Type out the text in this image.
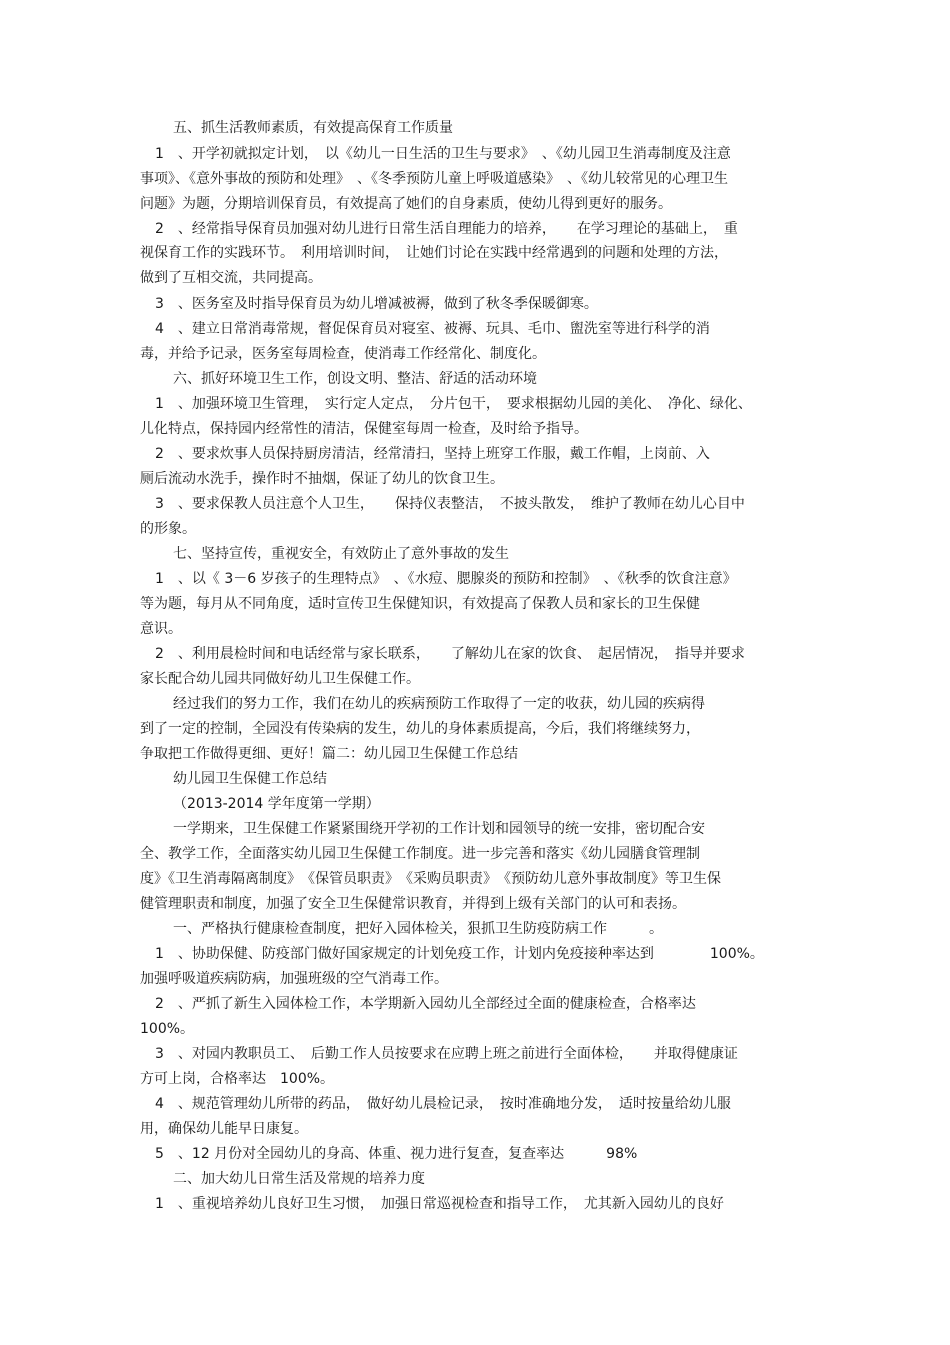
五、抓生活教师素质，有效提高保育工作质量
1　、开学初就拟定计划，　以《幼儿一日生活的卫生与要求》　、《幼儿园卫生消毒制度及注意
事项》、《意外事故的预防和处理》　、《冬季预防儿童上呼吸道感染》　、《幼儿较常见的心理卫生
问题》为题，分期培训保育员，有效提高了她们的自身素质，使幼儿得到更好的服务。
2　、经常指导保育员加强对幼儿进行日常生活自理能力的培养，　　在学习理论的基础上，　重
视保育工作的实践环节。　利用培训时间，　让她们讨论在实践中经常遇到的问题和处理的方法，
做到了互相交流，共同提高。
3　、医务室及时指导保育员为幼儿增减被褥，做到了秋冬季保暖御寒。
4　、建立日常消毒常规，督促保育员对寝室、被褥、玩具、毛巾、盥洗室等进行科学的消
毒，并给予记录，医务室每周检查，使消毒工作经常化、制度化。
六、抓好环境卫生工作，创设文明、整洁、舒适的活动环境
1　、加强环境卫生管理，　实行定人定点，　分片包干，　要求根据幼儿园的美化、　净化、绿化、
儿化特点，保持园内经常性的清洁，保健室每周一检查，及时给予指导。
2　、要求炊事人员保持厨房清洁，经常清扫，坚持上班穿工作服，戴工作帽，上岗前、入
厕后流动水洗手，操作时不抽烟，保证了幼儿的饮食卫生。
3　、要求保教人员注意个人卫生，　　保持仪表整洁，　不披头散发，　维护了教师在幼儿心目中
的形象。
七、坚持宣传，重视安全，有效防止了意外事故的发生
1　、以《 3－6 岁孩子的生理特点》　、《水痘、腮腺炎的预防和控制》　、《秋季的饮食注意》
等为题，每月从不同角度，适时宣传卫生保健知识，有效提高了保教人员和家长的卫生保健
意识。
2　、利用晨检时间和电话经常与家长联系，　　了解幼儿在家的饮食、　起居情况，　指导并要求
家长配合幼儿园共同做好幼儿卫生保健工作。
经过我们的努力工作，我们在幼儿的疾病预防工作取得了一定的收获，幼儿园的疾病得
到了一定的控制，全园没有传染病的发生，幼儿的身体素质提高，今后，我们将继续努力，
争取把工作做得更细、更好！篇二：幼儿园卫生保健工作总结
幼儿园卫生保健工作总结
（2013-2014 学年度第一学期）
一学期来，卫生保健工作紧紧围绕开学初的工作计划和园领导的统一安排，密切配合安
全、教学工作，全面落实幼儿园卫生保健工作制度。进一步完善和落实《幼儿园膳食管理制
度》《卫生消毒隔离制度》　《保管员职责》　《采购员职责》　《预防幼儿意外事故制度》等卫生保
健管理职责和制度，加强了安全卫生保健常识教育，并得到上级有关部门的认可和表扬。
一、严格执行健康检查制度，把好入园体检关，狠抓卫生防疫防病工作　　　。
1　、协助保健、防疫部门做好国家规定的计划免疫工作，计划内免疫接种率达到　　　　100%。
加强呼吸道疾病防病，加强班级的空气消毒工作。
2　、严抓了新生入园体检工作，本学期新入园幼儿全部经过全面的健康检查，合格率达
100%。
3　、对园内教职员工、　后勤工作人员按要求在应聘上班之前进行全面体检，　　并取得健康证
方可上岗，合格率达　100%。
4　、规范管理幼儿所带的药品，　做好幼儿晨检记录，　按时准确地分发，　适时按量给幼儿服
用，确保幼儿能早日康复。
5　、12 月份对全园幼儿的身高、体重、视力进行复查，复查率达　　　98%
二、加大幼儿日常生活及常规的培养力度
1　、重视培养幼儿良好卫生习惯，　加强日常巡视检查和指导工作，　尤其新入园幼儿的良好
